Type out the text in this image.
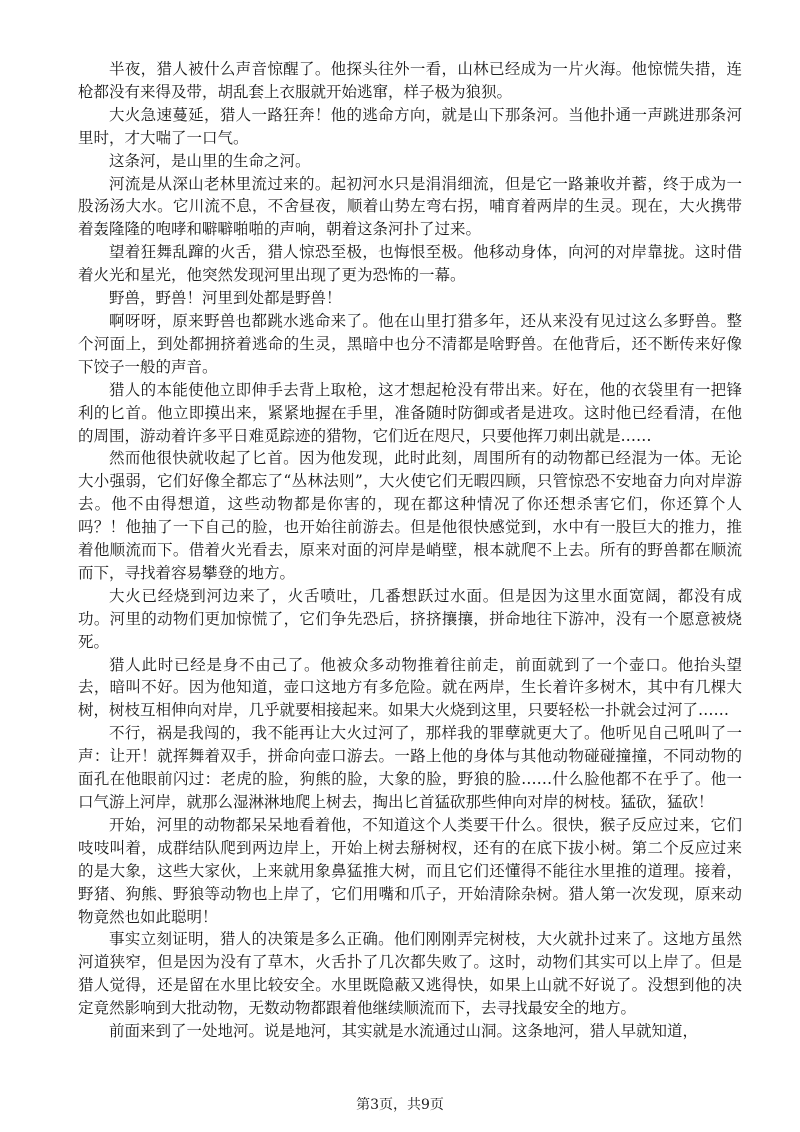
半夜，猎人被什么声音惊醒了。他探头往外一看，山林已经成为一片火海。他惊慌失措，连枪都没有来得及带，胡乱套上衣服就开始逃窜，样子极为狼狈。

大火急速蔓延，猎人一路狂奔！他的逃命方向，就是山下那条河。当他扑通一声跳进那条河里时，才大喘了一口气。

这条河，是山里的生命之河。

河流是从深山老林里流过来的。起初河水只是涓涓细流，但是它一路兼收并蓄，终于成为一股汤汤大水。它川流不息，不舍昼夜，顺着山势左弯右拐，哺育着两岸的生灵。现在，大火携带着轰隆隆的咆哮和噼噼啪啪的声响，朝着这条河扑了过来。

望着狂舞乱蹿的火舌，猎人惊恐至极，也悔恨至极。他移动身体，向河的对岸靠拢。这时借着火光和星光，他突然发现河里出现了更为恐怖的一幕。

野兽，野兽！河里到处都是野兽！

啊呀呀，原来野兽也都跳水逃命来了。他在山里打猎多年，还从来没有见过这么多野兽。整个河面上，到处都拥挤着逃命的生灵，黑暗中也分不清都是啥野兽。在他背后，还不断传来好像下饺子一般的声音。

猎人的本能使他立即伸手去背上取枪，这才想起枪没有带出来。好在，他的衣袋里有一把锋利的匕首。他立即摸出来，紧紧地握在手里，准备随时防御或者是进攻。这时他已经看清，在他的周围，游动着许多平日难觅踪迹的猎物，它们近在咫尺，只要他挥刀刺出就是……

然而他很快就收起了匕首。因为他发现，此时此刻，周围所有的动物都已经混为一体。无论大小强弱，它们好像全都忘了“丛林法则”，大火使它们无暇四顾，只管惊恐不安地奋力向对岸游去。他不由得想道，这些动物都是你害的，现在都这种情况了你还想杀害它们，你还算个人吗？！他抽了一下自己的脸，也开始往前游去。但是他很快感觉到，水中有一股巨大的推力，推着他顺流而下。借着火光看去，原来对面的河岸是峭壁，根本就爬不上去。所有的野兽都在顺流而下，寻找着容易攀登的地方。

大火已经烧到河边来了，火舌喷吐，几番想跃过水面。但是因为这里水面宽阔，都没有成功。河里的动物们更加惊慌了，它们争先恐后，挤挤攘攘，拼命地往下游冲，没有一个愿意被烧死。

猎人此时已经是身不由己了。他被众多动物推着往前走，前面就到了一个壶口。他抬头望去，暗叫不好。因为他知道，壶口这地方有多危险。就在两岸，生长着许多树木，其中有几棵大树，树枝互相伸向对岸，几乎就要相接起来。如果大火烧到这里，只要轻松一扑就会过河了……

不行，祸是我闯的，我不能再让大火过河了，那样我的罪孽就更大了。他听见自己吼叫了一声：让开！就挥舞着双手，拼命向壶口游去。一路上他的身体与其他动物碰碰撞撞，不同动物的面孔在他眼前闪过：老虎的脸，狗熊的脸，大象的脸，野狼的脸……什么脸他都不在乎了。他一口气游上河岸，就那么湿淋淋地爬上树去，掏出匕首猛砍那些伸向对岸的树枝。猛砍，猛砍！

开始，河里的动物都呆呆地看着他，不知道这个人类要干什么。很快，猴子反应过来，它们吱吱叫着，成群结队爬到两边岸上，开始上树去掰树杈，还有的在底下拔小树。第二个反应过来的是大象，这些大家伙，上来就用象鼻猛推大树，而且它们还懂得不能往水里推的道理。接着，野猪、狗熊、野狼等动物也上岸了，它们用嘴和爪子，开始清除杂树。猎人第一次发现，原来动物竟然也如此聪明！

事实立刻证明，猎人的决策是多么正确。他们刚刚弄完树枝，大火就扑过来了。这地方虽然河道狭窄，但是因为没有了草木，火舌扑了几次都失败了。这时，动物们其实可以上岸了。但是猎人觉得，还是留在水里比较安全。水里既隐蔽又逃得快，如果上山就不好说了。没想到他的决定竟然影响到大批动物，无数动物都跟着他继续顺流而下，去寻找最安全的地方。

前面来到了一处地河。说是地河，其实就是水流通过山洞。这条地河，猎人早就知道，

第3页，共9页
